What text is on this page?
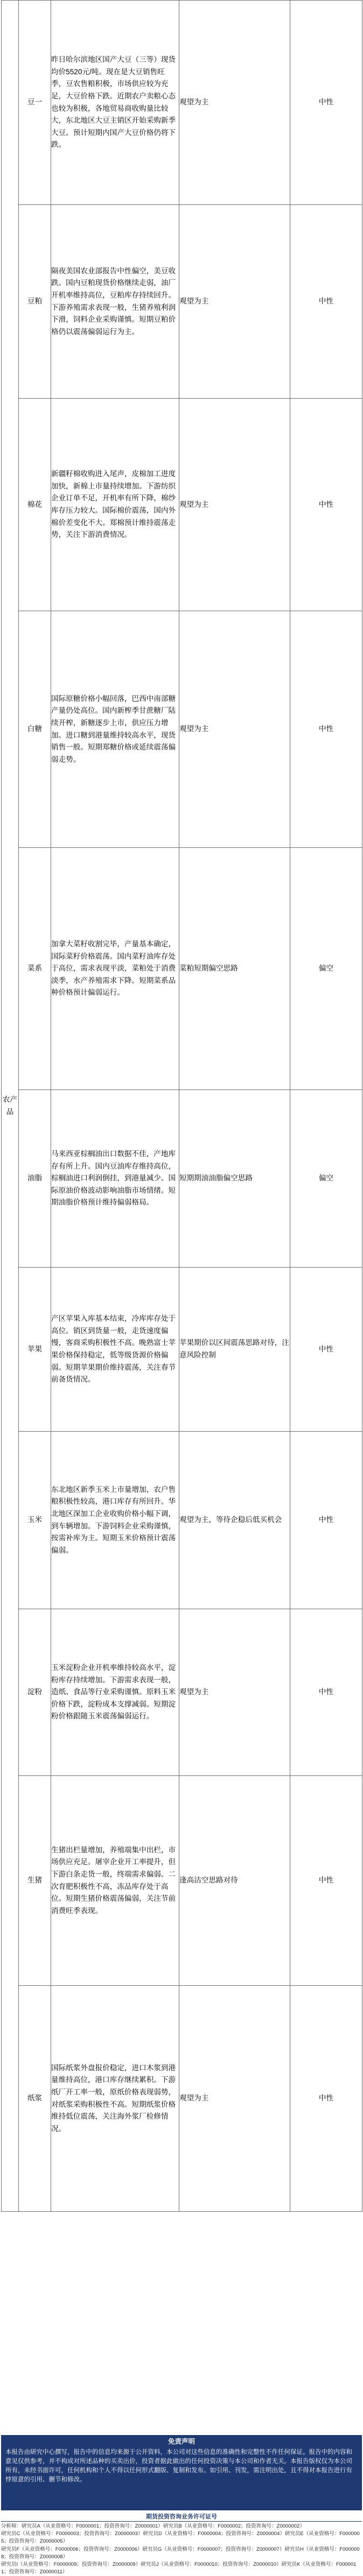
农产品	豆一	昨日哈尔滨地区国产大豆（三等）现货均价5520元/吨。现在是大豆销售旺季，豆农售粮积极，市场供应较为充足，大豆价格下跌。近期农户卖粮心态也较为积极，各地贸易商收购量比较大，东北地区大豆主销区开始采购新季大豆。预计短期内国产大豆价格仍将下跌。	观望为主	中性
	豆粕	隔夜美国农业部报告中性偏空，美豆收跌。国内豆粕现货价格继续走弱，油厂开机率维持高位，豆粕库存持续回升。下游养殖需求表现一般，生猪养殖利润下滑，饲料企业采购谨慎。短期豆粕价格仍以震荡偏弱运行为主。	观望为主	中性
	棉花	新疆籽棉收购进入尾声，皮棉加工进度加快，新棉上市量持续增加。下游纺织企业订单不足，开机率有所下降，棉纱库存压力较大。国际棉价震荡，国内外棉价差变化不大。郑棉预计维持震荡走势，关注下游消费情况。	观望为主	中性
	白糖	国际原糖价格小幅回落，巴西中南部糖产量仍处高位。国内新榨季甘蔗糖厂陆续开榨，新糖逐步上市，供应压力增加。进口糖到港量维持较高水平，现货销售一般。短期郑糖价格或延续震荡偏弱走势。	观望为主	中性
	菜系	加拿大菜籽收割完毕，产量基本确定，国际菜籽价格震荡。国内菜籽油库存处于高位，需求表现平淡，菜粕处于消费淡季，水产养殖需求下降。短期菜系品种价格预计偏弱运行。	菜粕短期偏空思路	偏空
	油脂	马来西亚棕榈油出口数据不佳，产地库存有所上升。国内豆油库存维持高位，棕榈油进口利润倒挂，到港量减少。国际原油价格波动影响油脂市场情绪。短期油脂价格预计维持偏弱格局。	短期期油油脂偏空思路	偏空
	苹果	产区苹果入库基本结束，冷库库存处于高位。销区到货量一般，走货速度偏慢，客商采购积极性不高。晚熟富士苹果价格保持稳定，低等级货源价格偏弱。短期苹果期价维持震荡，关注春节前备货情况。	苹果期价以区间震荡思路对待，注意风险控制	中性
	玉米	东北地区新季玉米上市量增加，农户售粮积极性较高，港口库存有所回升。华北地区深加工企业收购价格小幅下调，到车辆增加。下游饲料企业采购谨慎，按需补库为主。短期玉米价格预计震荡偏弱。	观望为主，等待企稳后低买机会	中性
	淀粉	玉米淀粉企业开机率维持较高水平，淀粉库存持续增加。下游需求表现一般，造纸、食品等行业采购谨慎。原料玉米价格下跌，淀粉成本支撑减弱。短期淀粉价格跟随玉米震荡偏弱运行。	观望为主	中性
	生猪	生猪出栏量增加，养殖端集中出栏，市场供应充足。屠宰企业开工率提升，但下游白条走货一般，终端需求偏弱。二次育肥积极性不高，冻品库存处于高位。短期生猪价格震荡偏弱，关注节前消费旺季表现。	逢高沽空思路对待	中性
	纸浆	国际纸浆外盘报价稳定，进口木浆到港量维持高位，港口库存继续累积。下游纸厂开工率一般，原纸价格表现弱势，对纸浆采购积极性不高。短期纸浆价格维持低位震荡，关注海外浆厂检修情况。	观望为主	中性
免责声明
本报告由研究中心撰写，报告中的信息均来源于公开资料，本公司对这些信息的准确性和完整性不作任何保证。报告中的内容和意见仅供参考，并不构成对所述品种的买卖出价，投资者据此做出的任何投资决策与本公司和作者无关。本报告版权仅为本公司所有，未经书面许可，任何机构和个人不得以任何形式翻版、复制和发布。如引用、刊发，需注明出处，且不得对本报告进行有悖原意的引用、删节和修改。
期货投资咨询业务许可证号
分析师：研究员A（从业资格号：F0000001；投资咨询号：Z0000001）研究员B（从业资格号：F0000002；投资咨询号：Z0000002）
研究员C（从业资格号：F0000003；投资咨询号：Z0000003）研究员D（从业资格号：F0000004；投资咨询号：Z0000004）研究员E（从业资格号：F0000005；投资咨询号：Z0000005）
研究员F（从业资格号：F0000006；投资咨询号：Z0000006）研究员G（从业资格号：F0000007；投资咨询号：Z0000007）研究员H（从业资格号：F0000008；投资咨询号：Z0000008）
研究员I（从业资格号：F0000009；投资咨询号：Z0000009）研究员J（从业资格号：F0000010；投资咨询号：Z0000010）研究员K（从业资格号：F0000011；投资咨询号：Z0000011）
